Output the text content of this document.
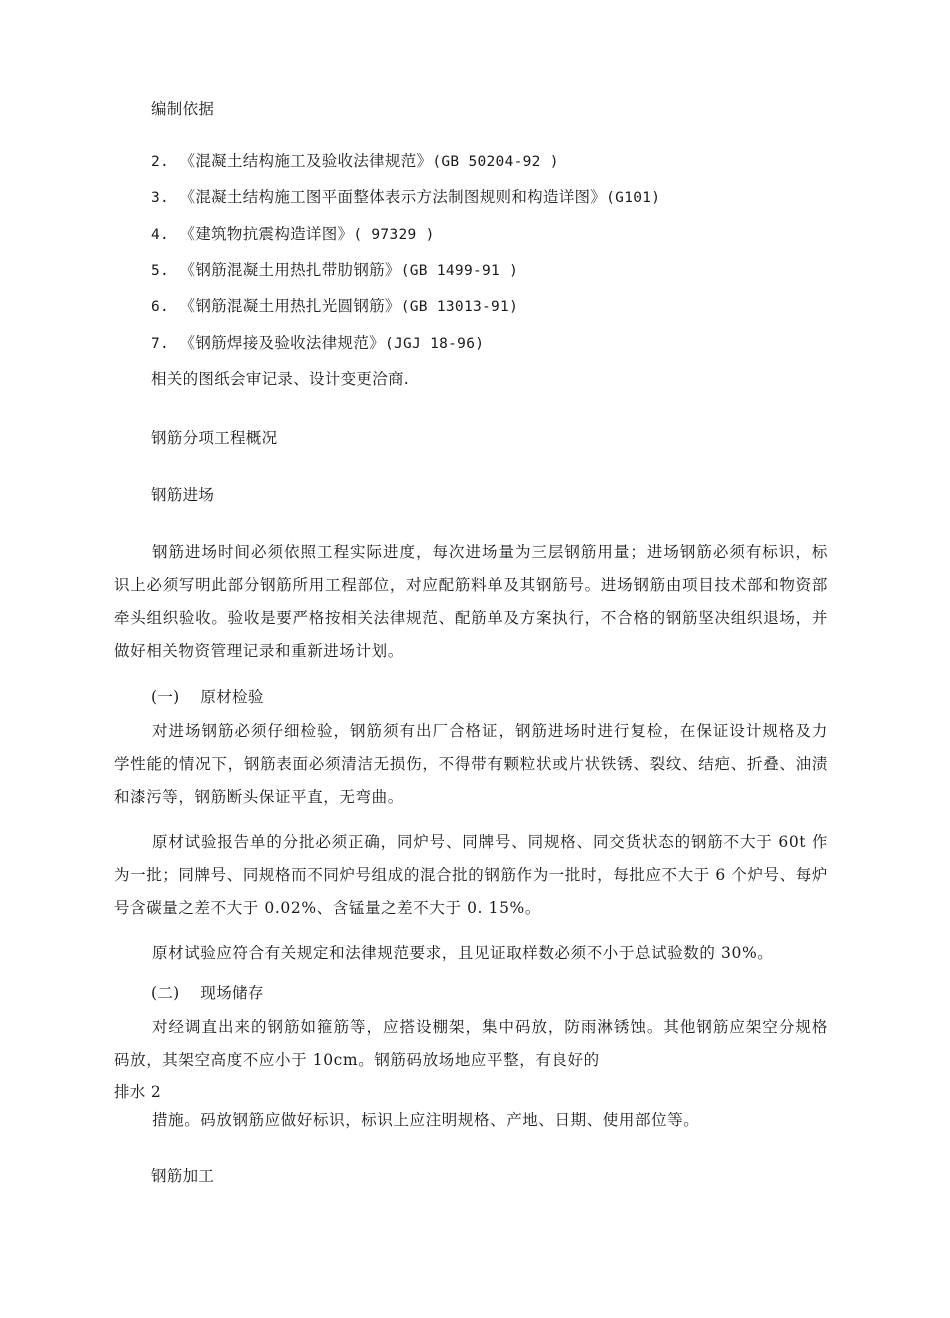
编制依据
2. 《混凝土结构施工及验收法律规范》(GB 50204-92 )
3. 《混凝土结构施工图平面整体表示方法制图规则和构造详图》(G101)
4. 《建筑物抗震构造详图》( 97329 )
5. 《钢筋混凝土用热扎带肋钢筋》(GB 1499-91 )
6. 《钢筋混凝土用热扎光圆钢筋》(GB 13013-91)
7. 《钢筋焊接及验收法律规范》(JGJ 18-96)
相关的图纸会审记录、设计变更洽商.
钢筋分项工程概况
钢筋进场
钢筋进场时间必须依照工程实际进度，每次进场量为三层钢筋用量；进场钢筋必须有标识，标识上必须写明此部分钢筋所用工程部位，对应配筋料单及其钢筋号。进场钢筋由项目技术部和物资部牵头组织验收。验收是要严格按相关法律规范、配筋单及方案执行，不合格的钢筋坚决组织退场，并做好相关物资管理记录和重新进场计划。
(一) 原材检验
对进场钢筋必须仔细检验，钢筋须有出厂合格证，钢筋进场时进行复检，在保证设计规格及力学性能的情况下，钢筋表面必须清洁无损伤，不得带有颗粒状或片状铁锈、裂纹、结疤、折叠、油渍和漆污等，钢筋断头保证平直，无弯曲。
原材试验报告单的分批必须正确，同炉号、同牌号、同规格、同交货状态的钢筋不大于 60t 作为一批；同牌号、同规格而不同炉号组成的混合批的钢筋作为一批时，每批应不大于 6 个炉号、每炉号含碳量之差不大于 0.02%、含锰量之差不大于 0. 15%。
原材试验应符合有关规定和法律规范要求，且见证取样数必须不小于总试验数的 30%。
(二) 现场储存
对经调直出来的钢筋如箍筋等，应搭设棚架，集中码放，防雨淋锈蚀。其他钢筋应架空分规格码放，其架空高度不应小于 10cm。钢筋码放场地应平整，有良好的
排水 2
措施。码放钢筋应做好标识，标识上应注明规格、产地、日期、使用部位等。
钢筋加工
